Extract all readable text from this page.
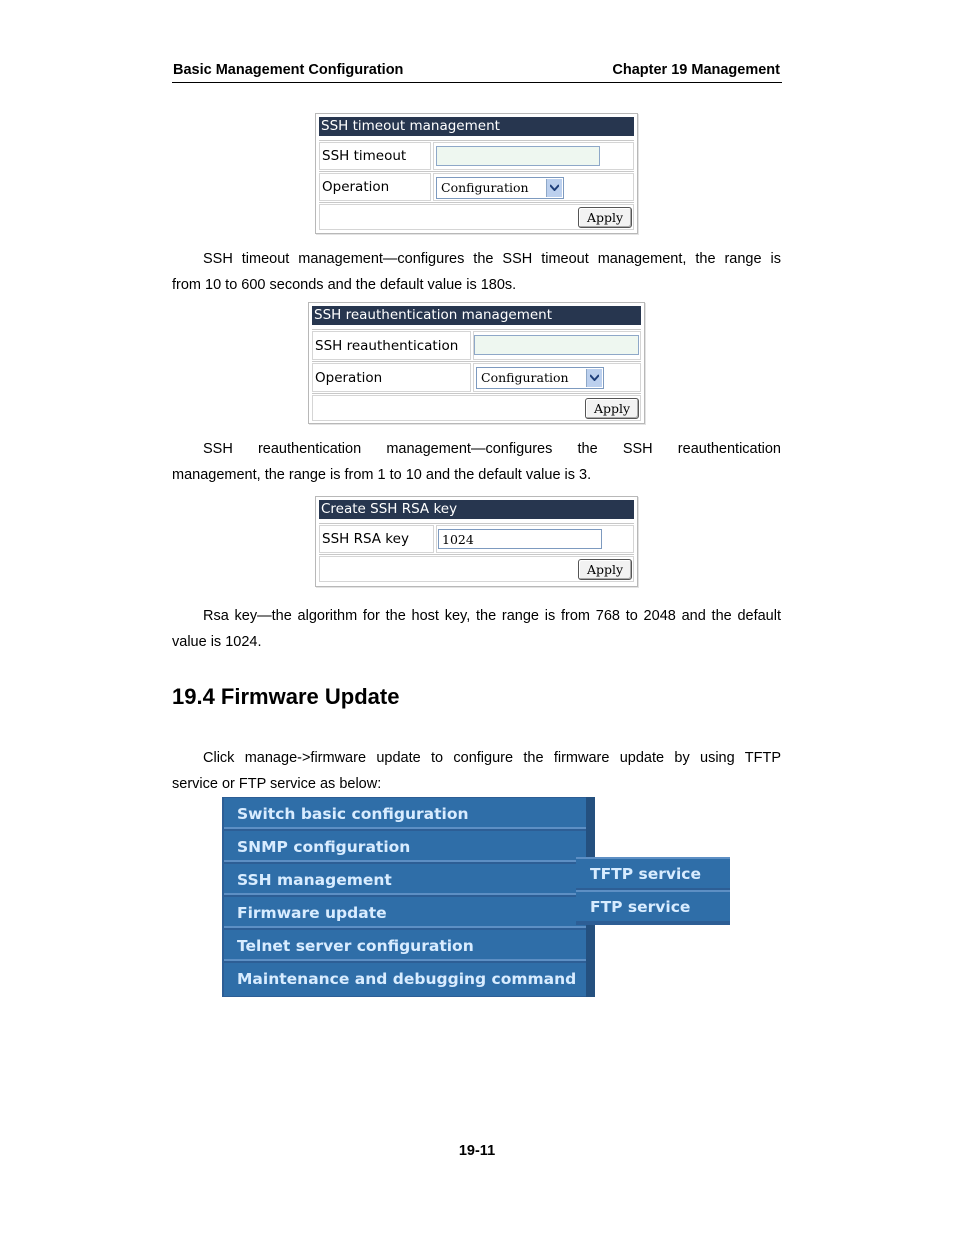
Basic Management Configuration	Chapter 19 Management
SSH timeout management
SSH timeout
Operation	Configuration
Apply
SSH timeout management—configures the SSH timeout management, the range is
from 10 to 600 seconds and the default value is 180s.
SSH reauthentication management
SSH reauthentication
Operation	Configuration
Apply
SSH reauthentication management—configures the SSH reauthentication
management, the range is from 1 to 10 and the default value is 3.
Create SSH RSA key
SSH RSA key	1024
Apply
Rsa key—the algorithm for the host key, the range is from 768 to 2048 and the default
value is 1024.
19.4 Firmware Update
Click manage->firmware update to configure the firmware update by using TFTP
service or FTP service as below:
Switch basic configuration
SNMP configuration
SSH management
Firmware update
Telnet server configuration
Maintenance and debugging command
TFTP service
FTP service
19-11
